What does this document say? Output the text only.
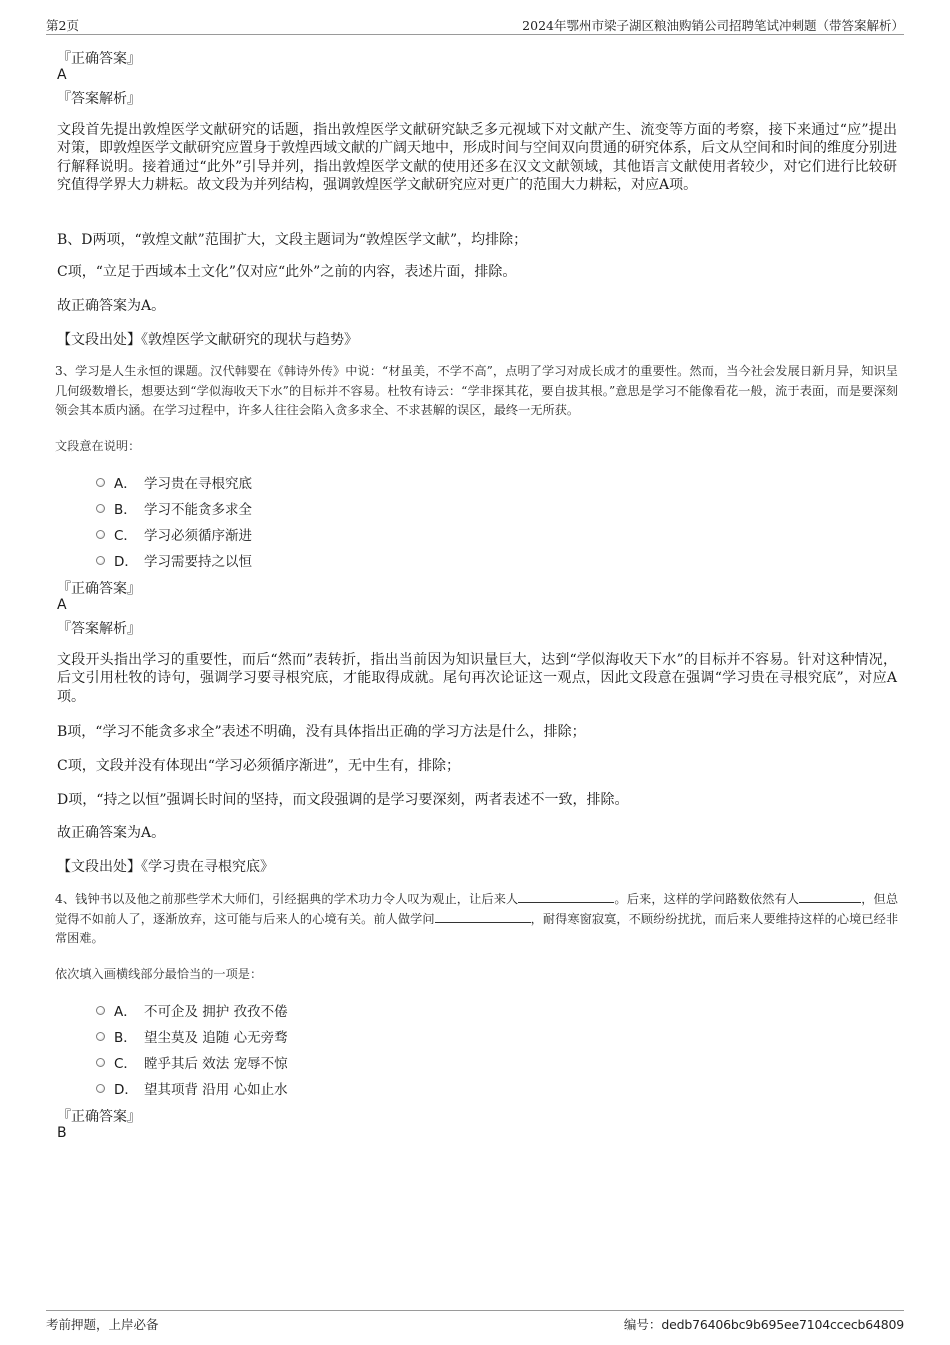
第2页	2024年鄂州市梁子湖区粮油购销公司招聘笔试冲刺题（带答案解析）
『正确答案』
A
『答案解析』
文段首先提出敦煌医学文献研究的话题，指出敦煌医学文献研究缺乏多元视域下对文献产生、流变等方面的考察，接下来通过“应”提出对策，即敦煌医学文献研究应置身于敦煌西域文献的广阔天地中，形成时间与空间双向贯通的研究体系，后文从空间和时间的维度分别进行解释说明。接着通过“此外”引导并列，指出敦煌医学文献的使用还多在汉文文献领域，其他语言文献使用者较少，对它们进行比较研究值得学界大力耕耘。故文段为并列结构，强调敦煌医学文献研究应对更广的范围大力耕耘，对应A项。
B、D两项，“敦煌文献”范围扩大，文段主题词为“敦煌医学文献”，均排除；
C项，“立足于西域本土文化”仅对应“此外”之前的内容，表述片面，排除。
故正确答案为A。
【文段出处】《敦煌医学文献研究的现状与趋势》
3、学习是人生永恒的课题。汉代韩婴在《韩诗外传》中说：“材虽美，不学不高”，点明了学习对成长成才的重要性。然而，当今社会发展日新月异，知识呈几何级数增长，想要达到“学似海收天下水”的目标并不容易。杜牧有诗云：“学非探其花，要自拔其根。”意思是学习不能像看花一般，流于表面，而是要深刻领会其本质内涵。在学习过程中，许多人往往会陷入贪多求全、不求甚解的误区，最终一无所获。
文段意在说明：
A． 学习贵在寻根究底
B． 学习不能贪多求全
C． 学习必须循序渐进
D． 学习需要持之以恒
『正确答案』
A
『答案解析』
文段开头指出学习的重要性，而后“然而”表转折，指出当前因为知识量巨大，达到“学似海收天下水”的目标并不容易。针对这种情况，后文引用杜牧的诗句，强调学习要寻根究底，才能取得成就。尾句再次论证这一观点，因此文段意在强调“学习贵在寻根究底”，对应A项。
B项，“学习不能贪多求全”表述不明确，没有具体指出正确的学习方法是什么，排除；
C项，文段并没有体现出“学习必须循序渐进”，无中生有，排除；
D项，“持之以恒”强调长时间的坚持，而文段强调的是学习要深刻，两者表述不一致，排除。
故正确答案为A。
【文段出处】《学习贵在寻根究底》
4、钱钟书以及他之前那些学术大师们，引经据典的学术功力令人叹为观止，让后来人	。后来，这样的学问路数依然有人	，但总觉得不如前人了，逐渐放弃，这可能与后来人的心境有关。前人做学问	，耐得寒窗寂寞，不顾纷纷扰扰，而后来人要维持这样的心境已经非常困难。
依次填入画横线部分最恰当的一项是：
A． 不可企及 拥护 孜孜不倦
B． 望尘莫及 追随 心无旁骛
C． 瞠乎其后 效法 宠辱不惊
D． 望其项背 沿用 心如止水
『正确答案』
B
考前押题，上岸必备	编号：dedb76406bc9b695ee7104ccecb64809
